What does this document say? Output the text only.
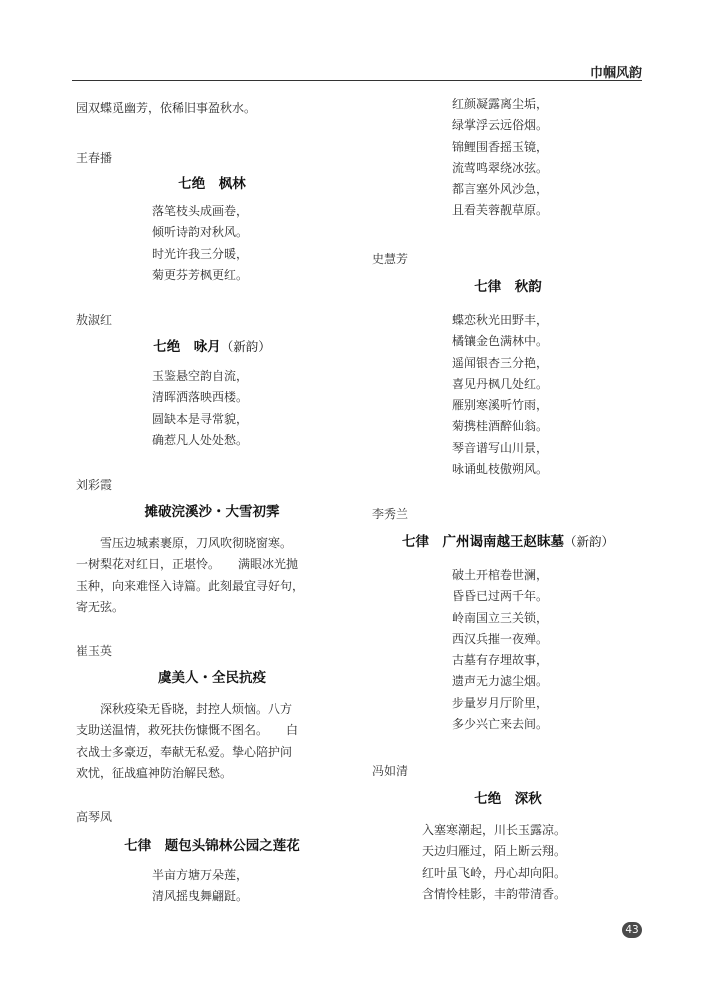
巾帼风韵
园双蝶觅幽芳，依稀旧事盈秋水。
王春播
七绝　枫林
落笔枝头成画卷，
倾听诗韵对秋风。
时光许我三分暖，
菊更芬芳枫更红。
敖淑红
七绝　咏月（新韵）
玉鉴悬空韵自流，
清晖洒落映西楼。
圆缺本是寻常貌，
确惹凡人处处愁。
刘彩霞
摊破浣溪沙・大雪初霁
雪压边城素裹原，刀风吹彻晓窗寒。
一树梨花对红日，正堪怜。　　满眼冰光抛
玉种，向来难怪入诗篇。此刻最宜寻好句，
寄无弦。
崔玉英
虞美人・全民抗疫
深秋疫染无昏晓，封控人烦恼。八方
支助送温情，救死扶伤慷慨不图名。　　白
衣战士多豪迈，奉献无私爱。挚心陪护问
欢忧，征战瘟神防治解民愁。
高琴凤
七律　题包头锦林公园之莲花
半亩方塘万朵莲，
清风摇曳舞翩跹。
红颜凝露离尘垢，
绿掌浮云远俗烟。
锦鲤围香摇玉镜，
流莺鸣翠绕冰弦。
都言塞外风沙急，
且看芙蓉靓草原。
史慧芳
七律　秋韵
蝶恋秋光田野丰，
橘镶金色满林中。
遥闻银杏三分艳，
喜见丹枫几处红。
雁别寒溪听竹雨，
菊携桂酒醉仙翁。
琴音谱写山川景，
咏诵虬枝傲朔风。
李秀兰
七律　广州谒南越王赵眜墓（新韵）
破土开棺卷世澜，
昏昏已过两千年。
岭南国立三关锁，
西汉兵摧一夜殚。
古墓有存埋故事，
遗声无力滤尘烟。
步量岁月厅阶里，
多少兴亡来去间。
冯如清
七绝　深秋
入塞寒潮起，川长玉露凉。
天边归雁过，陌上断云翔。
红叶虽飞岭，丹心却向阳。
含情怜桂影，丰韵带清香。
43
